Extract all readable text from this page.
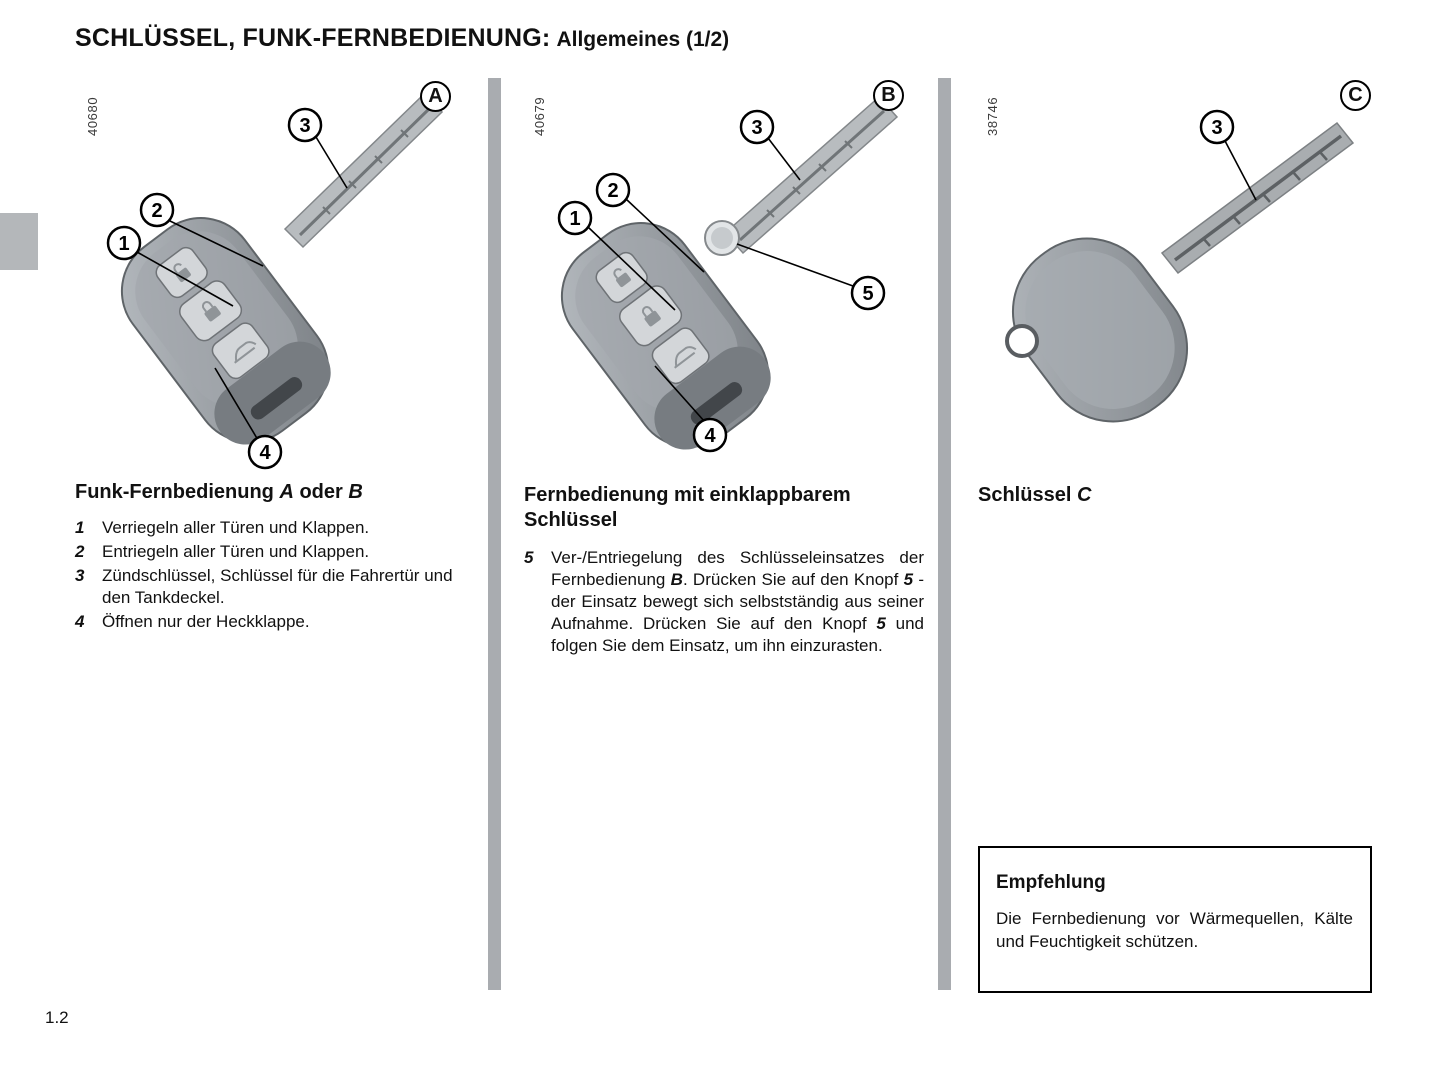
SCHLÜSSEL, FUNK-FERNBEDIENUNG: Allgemeines (1/2)
1
2
3
4
40680
A
1
2
3
4
5
40679
B
3
38746
C
Funk-Fernbedienung A oder B
1	Verriegeln aller Türen und Klappen.
2	Entriegeln aller Türen und Klappen.
3	Zündschlüssel, Schlüssel für die Fahrertür und den Tankdeckel.
4	Öffnen nur der Heckklappe.
Fernbedienung mit einklappbarem Schlüssel
5	Ver-/Entriegelung des Schlüsseleinsatzes der Fernbedienung B. Drücken Sie auf den Knopf 5 - der Einsatz bewegt sich selbstständig aus seiner Aufnahme. Drücken Sie auf den Knopf 5 und folgen Sie dem Einsatz, um ihn einzurasten.
Schlüssel C
Empfehlung

Die Fernbedienung vor Wärmequellen, Kälte und Feuchtigkeit schützen.

1.2
